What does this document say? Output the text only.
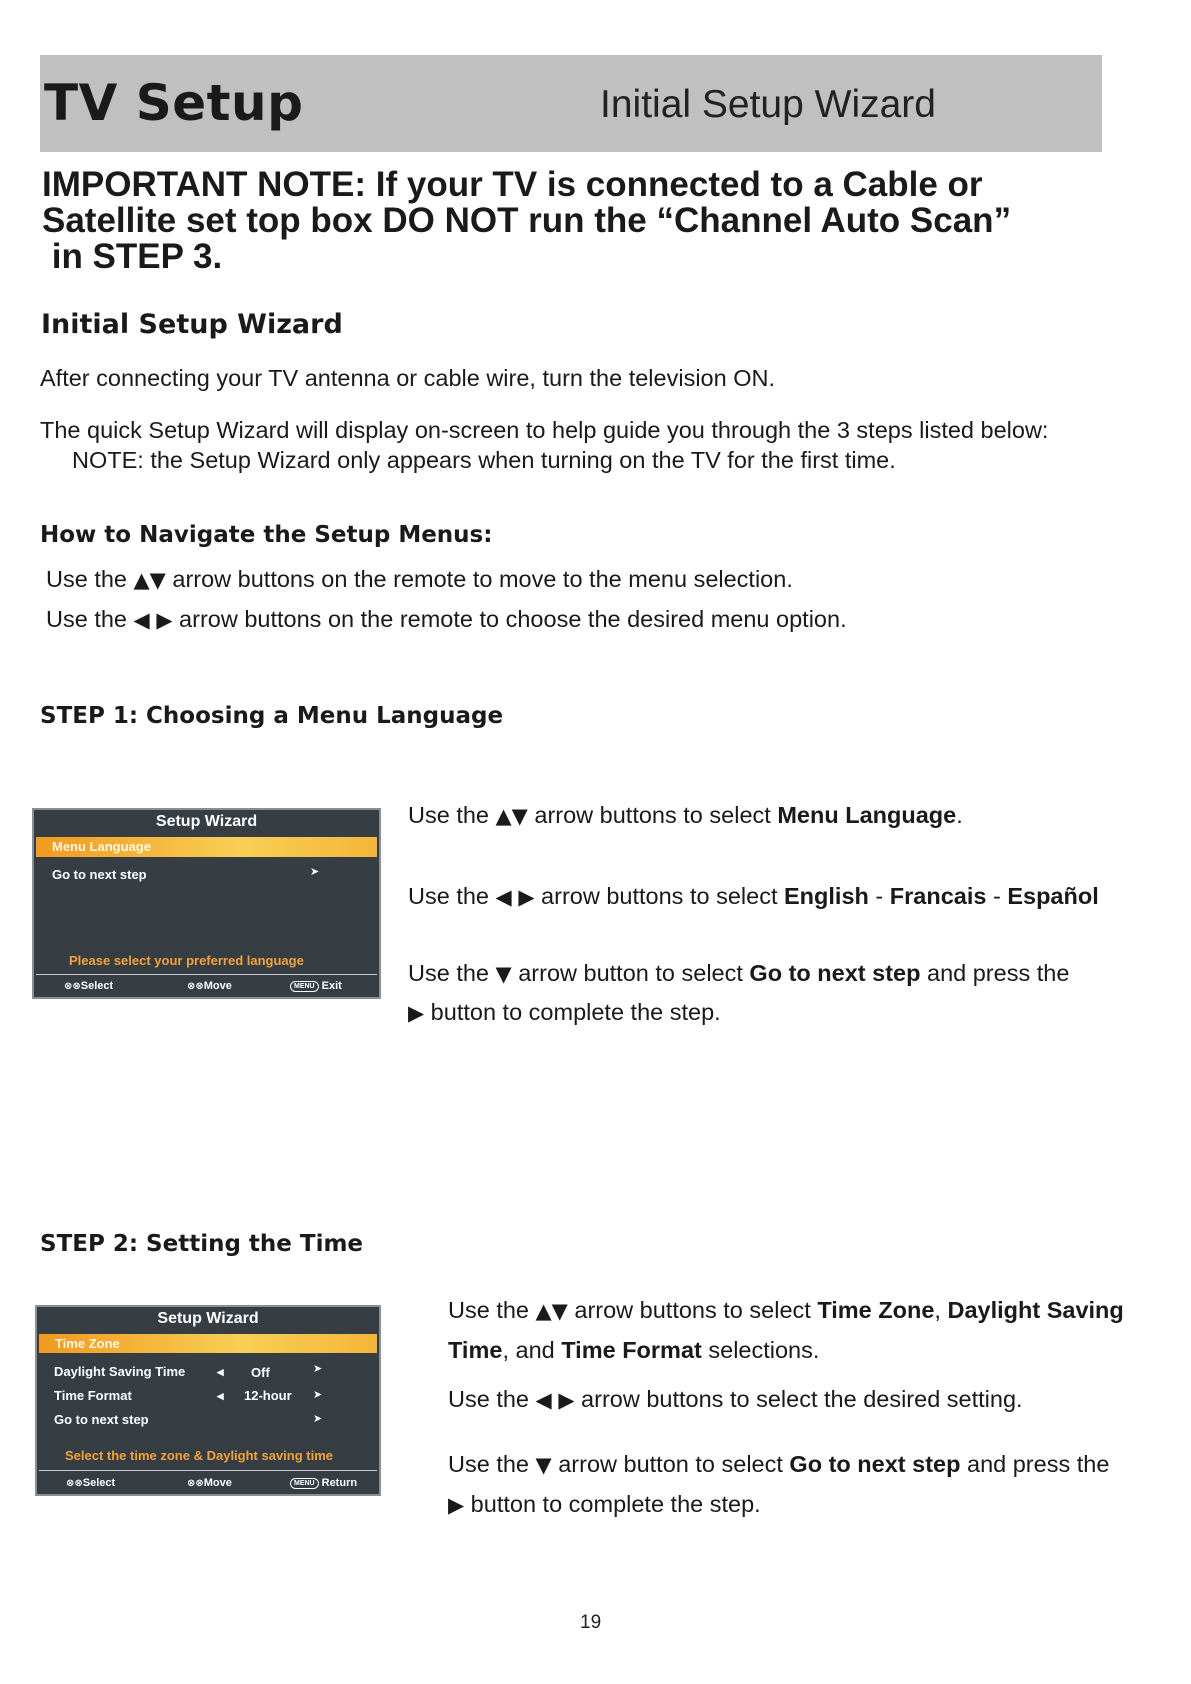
TV Setup	Initial Setup Wizard
IMPORTANT NOTE: If your TV is connected to a Cable or
Satellite set top box DO NOT run the “Channel Auto Scan”
in STEP 3.
Initial Setup Wizard
After connecting your TV antenna or cable wire, turn the television ON.
The quick Setup Wizard will display on-screen to help guide you through the 3 steps listed below:
NOTE: the Setup Wizard only appears when turning on the TV for the first time.
How to Navigate the Setup Menus:
Use the ▲▼ arrow buttons on the remote to move to the menu selection.
Use the ◀ ▶ arrow buttons on the remote to choose the desired menu option.
STEP 1: Choosing a Menu Language
Setup Wizard
Menu Language
Go to next step	➤
Please select your preferred language
⊗⊗Select	⊗⊗Move	MENU Exit
Use the ▲▼ arrow buttons to select Menu Language.
Use the ◀ ▶ arrow buttons to select English - Francais - Español
Use the ▼ arrow button to select Go to next step and press the
▶ button to complete the step.
STEP 2: Setting the Time
Setup Wizard
Time Zone
Daylight Saving Time ◂ Off	➤
Time Format	◂ 12-hour ➤
Go to next step	➤
Select the time zone & Daylight saving time
⊗⊗Select	⊗⊗Move	MENU Return
Use the ▲▼ arrow buttons to select Time Zone, Daylight Saving
Time, and Time Format selections.
Use the ◀ ▶ arrow buttons to select the desired setting.
Use the ▼ arrow button to select Go to next step and press the
▶ button to complete the step.
19
